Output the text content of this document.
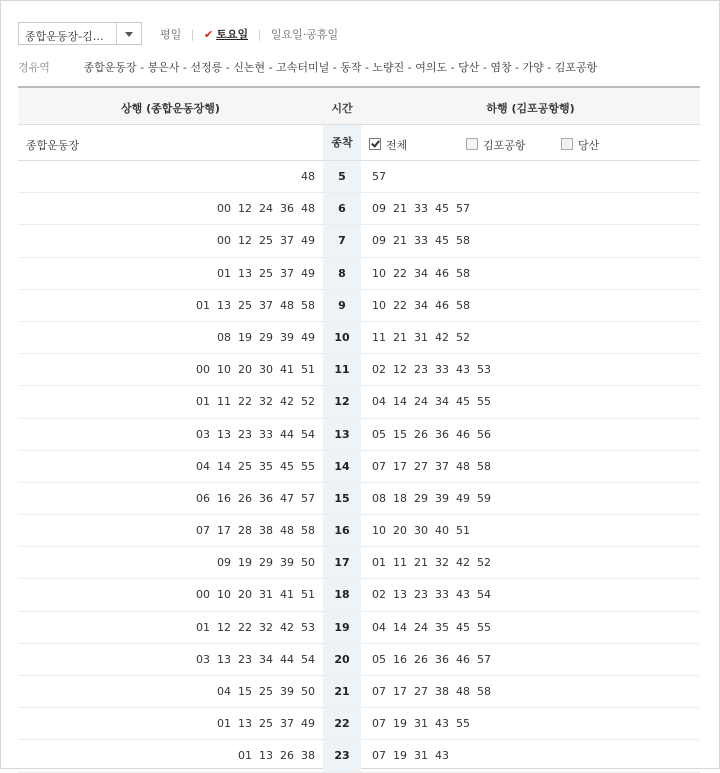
종합운동장-김…	평일 | ✔ 토요일 | 일요일·공휴일
경유역	종합운동장 - 봉은사 - 선정릉 - 신논현 - 고속터미널 - 동작 - 노량진 - 여의도 - 당산 - 염창 - 가양 - 김포공항
상행 (종합운동장행)	시간	하행 (김포공항행)
종합운동장	종착	전체	김포공항	당산
48	5	57
00 12 24 36 48	6	09 21 33 45 57
00 12 25 37 49	7	09 21 33 45 58
01 13 25 37 49	8	10 22 34 46 58
01 13 25 37 48 58	9	10 22 34 46 58
08 19 29 39 49	10	11 21 31 42 52
00 10 20 30 41 51	11	02 12 23 33 43 53
01 11 22 32 42 52	12	04 14 24 34 45 55
03 13 23 33 44 54	13	05 15 26 36 46 56
04 14 25 35 45 55	14	07 17 27 37 48 58
06 16 26 36 47 57	15	08 18 29 39 49 59
07 17 28 38 48 58	16	10 20 30 40 51
09 19 29 39 50	17	01 11 21 32 42 52
00 10 20 31 41 51	18	02 13 23 33 43 54
01 12 22 32 42 53	19	04 14 24 35 45 55
03 13 23 34 44 54	20	05 16 26 36 46 57
04 15 25 39 50	21	07 17 27 38 48 58
01 13 25 37 49	22	07 19 31 43 55
01 13 26 38	23	07 19 31 43
